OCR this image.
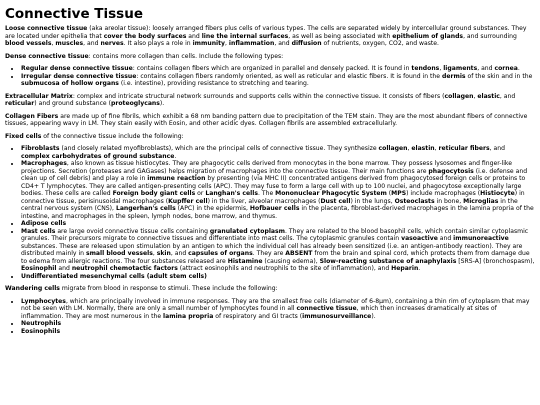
Connective Tissue

Loose connective tissue (aka areolar tissue): loosely arranged fibers plus cells of various types. The cells are separated widely by intercellular ground substances. They are located under epithelia that cover the body surfaces and line the internal surfaces, as well as being associated with epithelium of glands, and surrounding blood vessels, muscles, and nerves. It also plays a role in immunity, inflammation, and diffusion of nutrients, oxygen, CO2, and waste.

Dense connective tissue: contains more collagen than cells. Include the following types:

• Regular dense connective tissue: contains collagen fibers which are organized in parallel and densely packed. It is found in tendons, ligaments, and cornea.
• Irregular dense connective tissue: contains collagen fibers randomly oriented, as well as reticular and elastic fibers. It is found in the dermis of the skin and in the submucosa of hollow organs (i.e. intestine), providing resistance to stretching and tearing.

Extracellular Matrix: complex and intricate structural network surrounds and supports cells within the connective tissue. It consists of fibers (collagen, elastic, and reticular) and ground substance (proteoglycans).

Collagen Fibers are made up of fine fibrils, which exhibit a 68 nm banding pattern due to precipitation of the TEM stain. They are the most abundant fibers of connective tissues, appearing wavy in LM. They stain easily with Eosin, and other acidic dyes. Collagen fibrils are assembled extracellularly.

Fixed cells of the connective tissue include the following:

• Fibroblasts (and closely related myofibroblasts), which are the principal cells of connective tissue. They synthesize collagen, elastin, reticular fibers, and complex carbohydrates of ground substance.
• Macrophages, also known as tissue histiocytes. They are phagocytic cells derived from monocytes in the bone marrow. They possess lysosomes and finger-like projections. Secretion (proteases and GAGases) helps migration of macrophages into the connective tissue. Their main functions are phagocytosis (i.e. defense and clean up of cell debris) and play a role in immune reaction by presenting (via MHC II) concentrated antigens derived from phagocytosed foreign cells or proteins to CD4+ T lymphocytes. They are called antigen-presenting cells (APC). They may fuse to form a large cell with up to 100 nuclei, and phagocytose exceptionally large bodies. These cells are called Foreign body giant cells or Langhan's cells. The Mononuclear Phagocytic System (MPS) include macrophages (Histiocyte) in connective tissue, perisinusoidal macrophages (Kupffer cell) in the liver, alveolar macrophages (Dust cell) in the lungs, Osteoclasts in bone, Microglias in the central nervous system (CNS), Langerhan's cells (APC) in the epidermis, Hofbauer cells in the placenta, fibroblast-derived macrophages in the lamina propria of the intestine, and macrophages in the spleen, lymph nodes, bone marrow, and thymus.
• Adipose cells
• Mast cells are large ovoid connective tissue cells containing granulated cytoplasm. They are related to the blood basophil cells, which contain similar cytoplasmic granules. Their precursors migrate to connective tissues and differentiate into mast cells. The cytoplasmic granules contain vasoactive and immunoreactive substances. These are released upon stimulation by an antigen to which the individual cell has already been sensitized (i.e. an antigen-antibody reaction). They are distributed mainly in small blood vessels, skin, and capsules of organs. They are ABSENT from the brain and spinal cord, which protects them from damage due to edema from allergic reactions. The four substances released are Histamine (causing edema), Slow-reacting substance of anaphylaxis [SRS-A] (bronchospasm), Eosinophil and neutrophil chemotactic factors (attract eosinophils and neutrophils to the site of inflammation), and Heparin.
• Undifferentiated mesenchymal cells (adult stem cells)

Wandering cells migrate from blood in response to stimuli. These include the following:

• Lymphocytes, which are principally involved in immune responses. They are the smallest free cells (diameter of 6-8µm), containing a thin rim of cytoplasm that may not be seen with LM. Normally, there are only a small number of lymphocytes found in all connective tissue, which then increases dramatically at sites of inflammation. They are most numerous in the lamina propria of respiratory and GI tracts (immunosurveillance).
• Neutrophils
• Eosinophils
